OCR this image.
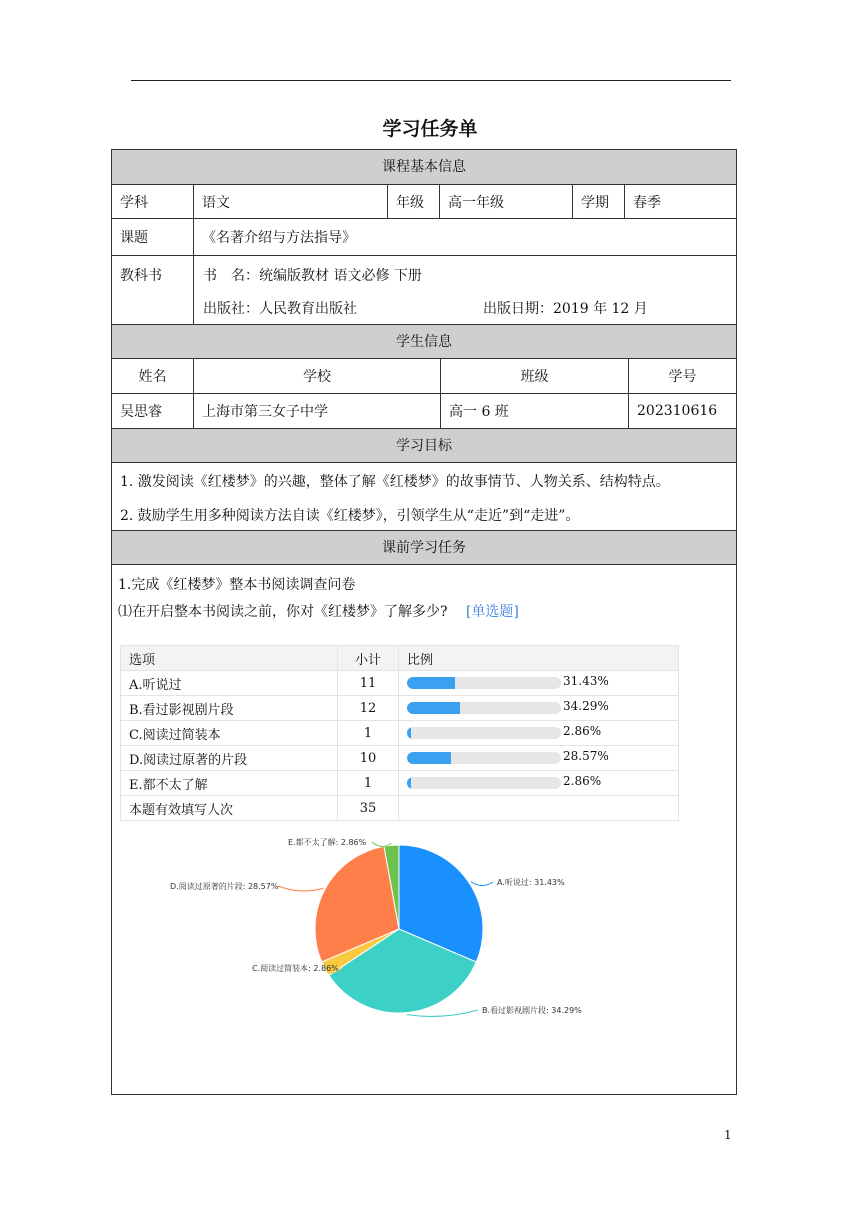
学习任务单
课程基本信息
学科	语文	年级	高一年级	学期	春季
课题	《名著介绍与方法指导》
教科书	书　名：统编版教材 语文必修 下册
出版社：人民教育出版社	出版日期：2019 年 12 月
学生信息
姓名	学校	班级	学号
吴思睿	上海市第三女子中学	高一 6 班	202310616
学习目标
1. 激发阅读《红楼梦》的兴趣，整体了解《红楼梦》的故事情节、人物关系、结构特点。
2. 鼓励学生用多种阅读方法自读《红楼梦》，引领学生从“走近”到“走进”。
课前学习任务
1.完成《红楼梦》整本书阅读调查问卷
⑴在开启整本书阅读之前，你对《红楼梦》了解多少?　 [单选题]
选项	小计	比例
A.听说过	11	31.43%

B.看过影视剧片段	12	34.29%

C.阅读过简装本	1	2.86%

D.阅读过原著的片段	10	28.57%

E.都不太了解	1	2.86%

本题有效填写人次	35	
A.听说过: 31.43%
B.看过影视剧片段: 34.29%
C.阅读过简装本: 2.86%
D.阅读过原著的片段: 28.57%
E.都不太了解: 2.86%
1
